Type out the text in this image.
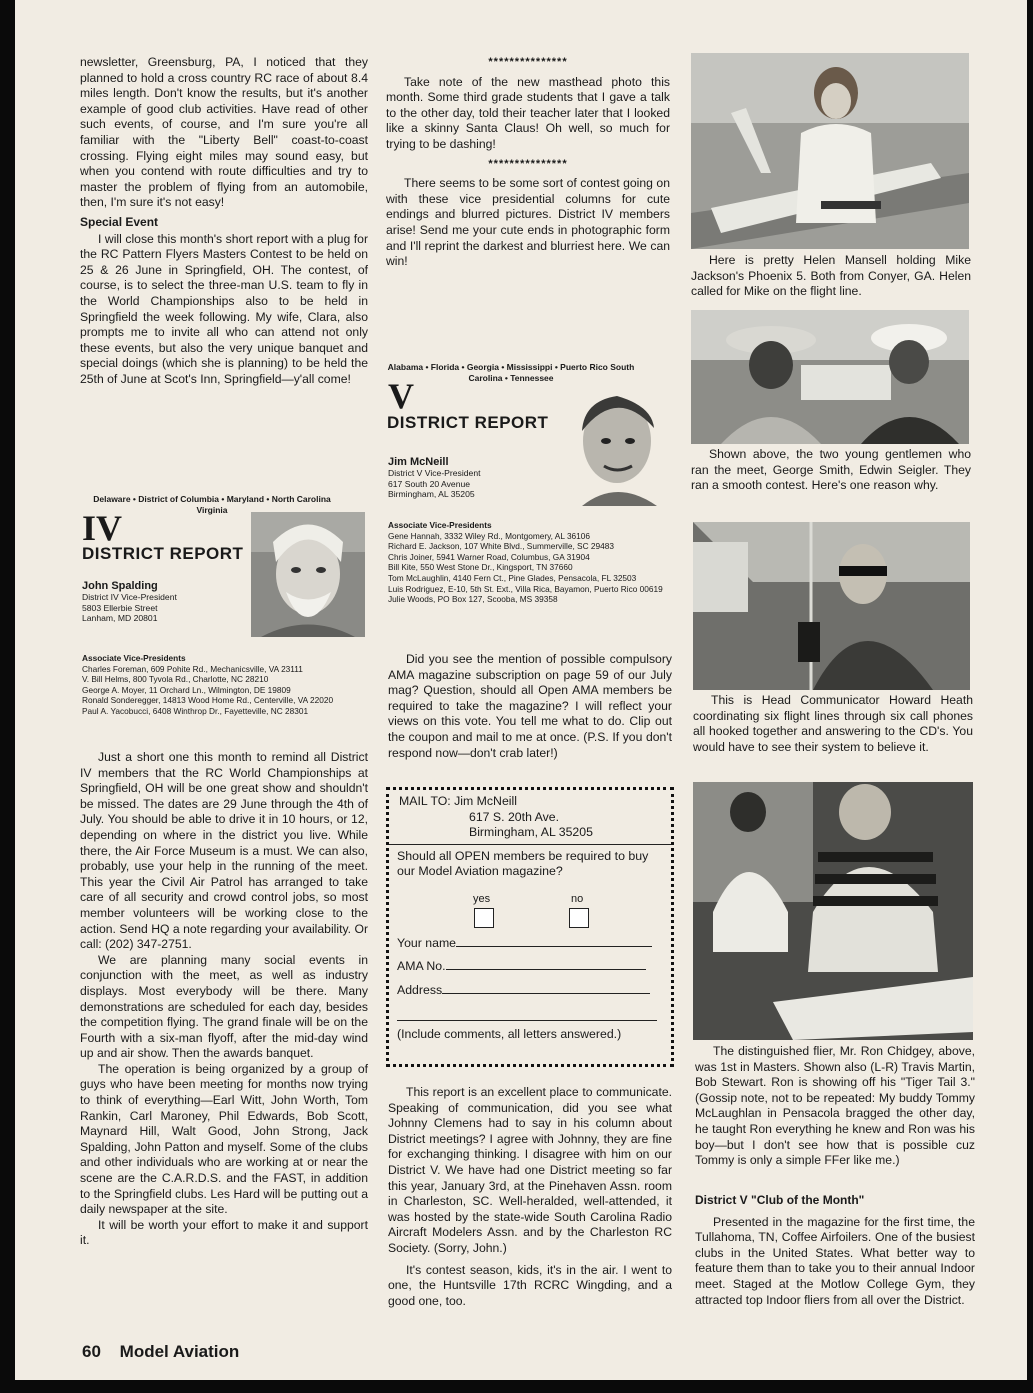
newsletter, Greensburg, PA, I noticed that they planned to hold a cross country RC race of about 8.4 miles length. Don't know the results, but it's another example of good club activities. Have read of other such events, of course, and I'm sure you're all familiar with the "Liberty Bell" coast-to-coast crossing. Flying eight miles may sound easy, but when you contend with route difficulties and try to master the problem of flying from an automobile, then, I'm sure it's not easy!

Special Event

I will close this month's short report with a plug for the RC Pattern Flyers Masters Contest to be held on 25 & 26 June in Springfield, OH. The contest, of course, is to select the three-man U.S. team to fly in the World Championships also to be held in Springfield the week following. My wife, Clara, also prompts me to invite all who can attend not only these events, but also the very unique banquet and special doings (which she is planning) to be held the 25th of June at Scot's Inn, Springfield—y'all come!

Delaware • District of Columbia • Maryland • North Carolina Virginia
IV
DISTRICT REPORT
John Spalding
District IV Vice-President
5803 Ellerbie Street
Lanham, MD 20801
Associate Vice-Presidents
Charles Foreman, 609 Pohite Rd., Mechanicsville, VA 23111
V. Bill Helms, 800 Tyvola Rd., Charlotte, NC 28210
George A. Moyer, 11 Orchard Ln., Wilmington, DE 19809
Ronald Sonderegger, 14813 Wood Home Rd., Centerville, VA 22020
Paul A. Yacobucci, 6408 Winthrop Dr., Fayetteville, NC 28301

Just a short one this month to remind all District IV members that the RC World Championships at Springfield, OH will be one great show and shouldn't be missed. The dates are 29 June through the 4th of July. You should be able to drive it in 10 hours, or 12, depending on where in the district you live. While there, the Air Force Museum is a must. We can also, probably, use your help in the running of the meet. This year the Civil Air Patrol has arranged to take care of all security and crowd control jobs, so most member volunteers will be working close to the action. Send HQ a note regarding your availability. Or call: (202) 347-2751.

We are planning many social events in conjunction with the meet, as well as industry displays. Most everybody will be there. Many demonstrations are scheduled for each day, besides the competition flying. The grand finale will be on the Fourth with a six-man flyoff, after the mid-day wind up and air show. Then the awards banquet.

The operation is being organized by a group of guys who have been meeting for months now trying to think of everything—Earl Witt, John Worth, Tom Rankin, Carl Maroney, Phil Edwards, Bob Scott, Maynard Hill, Walt Good, John Strong, Jack Spalding, John Patton and myself. Some of the clubs and other individuals who are working at or near the scene are the C.A.R.D.S. and the FAST, in addition to the Springfield clubs. Les Hard will be putting out a daily newspaper at the site.

It will be worth your effort to make it and support it.

***************

Take note of the new masthead photo this month. Some third grade students that I gave a talk to the other day, told their teacher later that I looked like a skinny Santa Claus! Oh well, so much for trying to be dashing!

***************

There seems to be some sort of contest going on with these vice presidential columns for cute endings and blurred pictures. District IV members arise! Send me your cute ends in photographic form and I'll reprint the darkest and blurriest here. We can win!

Alabama • Florida • Georgia • Mississippi • Puerto Rico South Carolina • Tennessee
V
DISTRICT REPORT
Jim McNeill
District V Vice-President
617 South 20 Avenue
Birmingham, AL 35205
Associate Vice-Presidents
Gene Hannah, 3332 Wiley Rd., Montgomery, AL 36106
Richard E. Jackson, 107 White Blvd., Summerville, SC 29483
Chris Joiner, 5941 Warner Road, Columbus, GA 31904
Bill Kite, 550 West Stone Dr., Kingsport, TN 37660
Tom McLaughlin, 4140 Fern Ct., Pine Glades, Pensacola, FL 32503
Luis Rodriguez, E-10, 5th St. Ext., Villa Rica, Bayamon, Puerto Rico 00619
Julie Woods, PO Box 127, Scooba, MS 39358

Did you see the mention of possible compulsory AMA magazine subscription on page 59 of our July mag? Question, should all Open AMA members be required to take the magazine? I will reflect your views on this vote. You tell me what to do. Clip out the coupon and mail to me at once. (P.S. If you don't respond now—don't crab later!)

MAIL TO: Jim McNeill
617 S. 20th Ave.
Birmingham, AL 35205
Should all OPEN members be required to buy our Model Aviation magazine?
yes	no
Your name
AMA No.
Address
(Include comments, all letters answered.)

This report is an excellent place to communicate. Speaking of communication, did you see what Johnny Clemens had to say in his column about District meetings? I agree with Johnny, they are fine for exchanging thinking. I disagree with him on our District V. We have had one District meeting so far this year, January 3rd, at the Pinehaven Assn. room in Charleston, SC. Well-heralded, well-attended, it was hosted by the state-wide South Carolina Radio Aircraft Modelers Assn. and by the Charleston RC Society. (Sorry, John.)

It's contest season, kids, it's in the air. I went to one, the Huntsville 17th RCRC Wingding, and a good one, too.

Here is pretty Helen Mansell holding Mike Jackson's Phoenix 5. Both from Conyer, GA. Helen called for Mike on the flight line.

Shown above, the two young gentlemen who ran the meet, George Smith, Edwin Seigler. They ran a smooth contest. Here's one reason why.

This is Head Communicator Howard Heath coordinating six flight lines through six call phones all hooked together and answering to the CD's. You would have to see their system to believe it.

The distinguished flier, Mr. Ron Chidgey, above, was 1st in Masters. Shown also (L-R) Travis Martin, Bob Stewart. Ron is showing off his "Tiger Tail 3." (Gossip note, not to be repeated: My buddy Tommy McLaughlan in Pensacola bragged the other day, he taught Ron everything he knew and Ron was his boy—but I don't see how that is possible cuz Tommy is only a simple FFer like me.)

District V "Club of the Month"

Presented in the magazine for the first time, the Tullahoma, TN, Coffee Airfoilers. One of the busiest clubs in the United States. What better way to feature them than to take you to their annual Indoor meet. Staged at the Motlow College Gym, they attracted top Indoor fliers from all over the District.

60 Model Aviation
